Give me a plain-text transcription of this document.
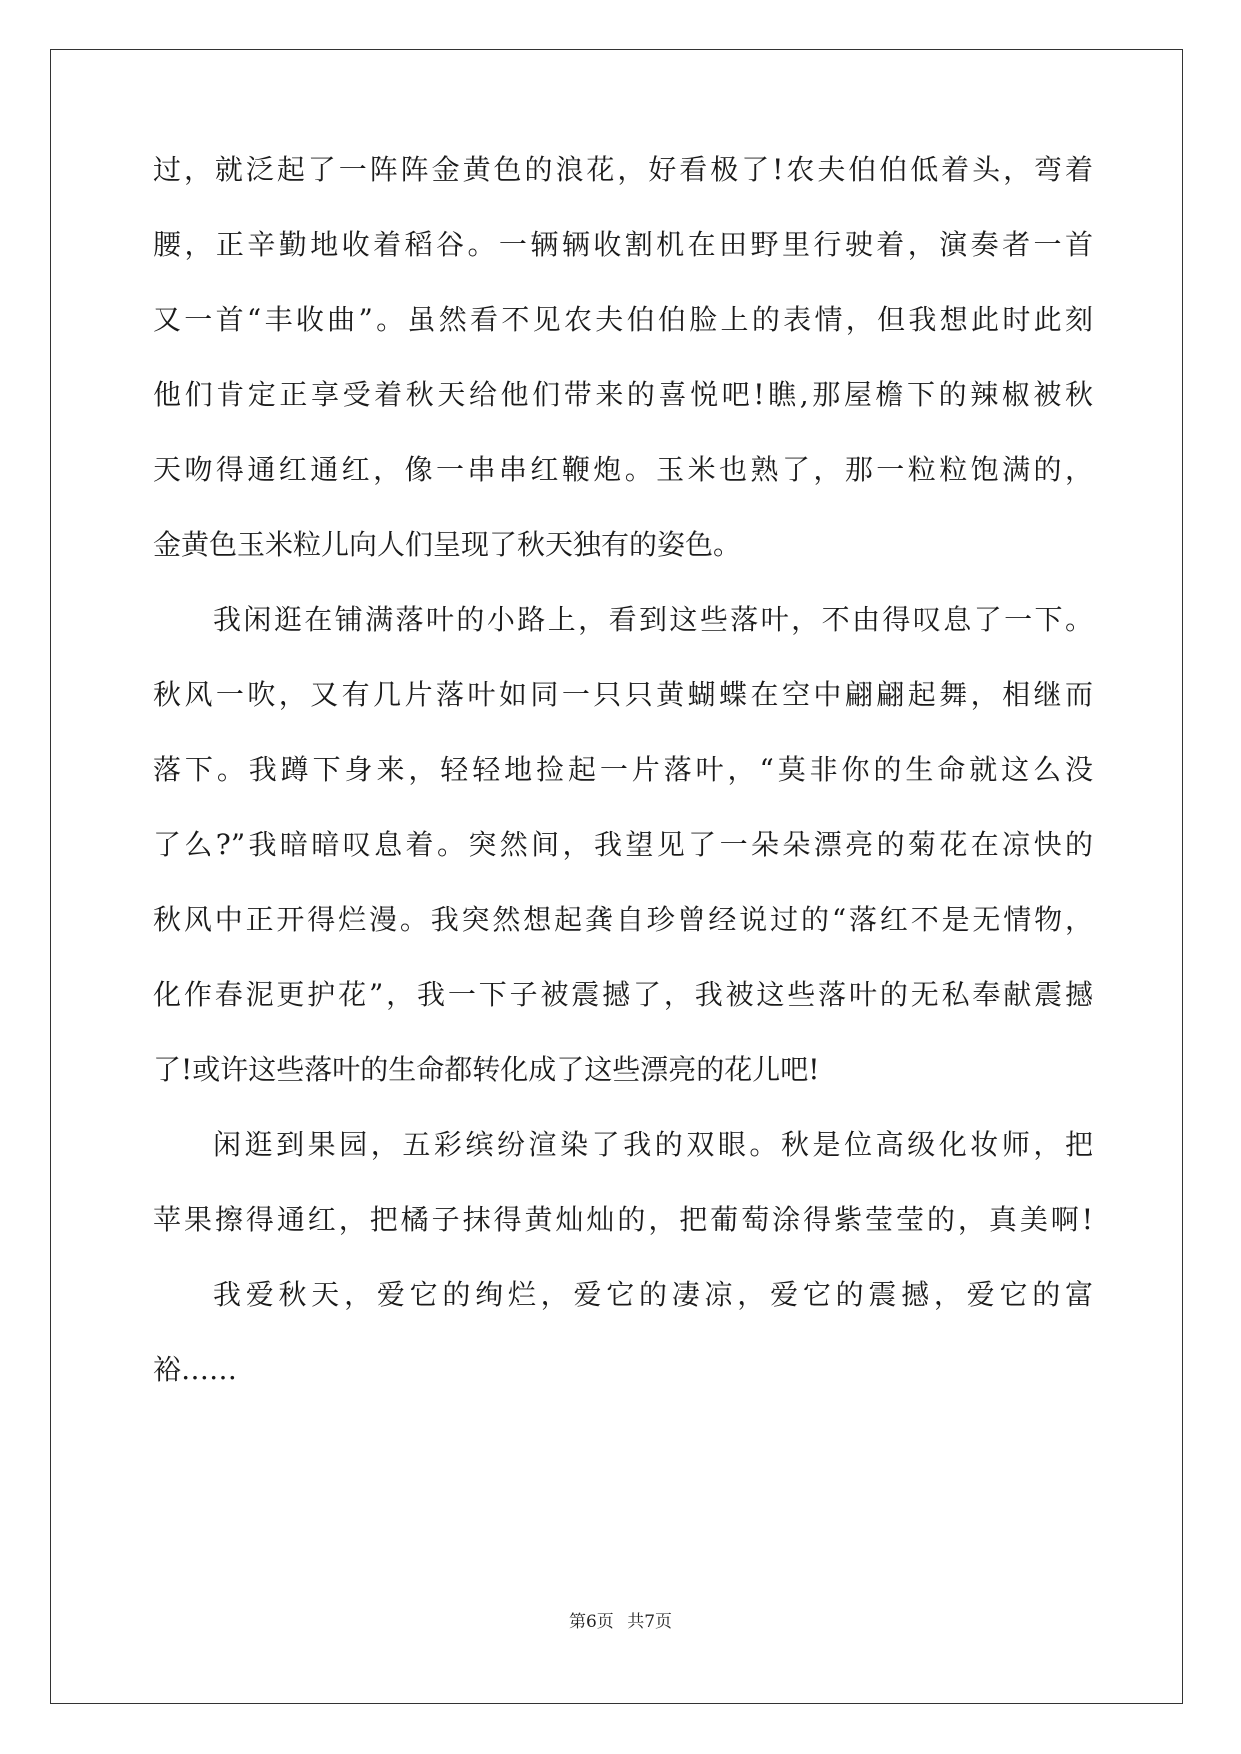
过，就泛起了一阵阵金黄色的浪花，好看极了!农夫伯伯低着头，弯着
腰，正辛勤地收着稻谷。一辆辆收割机在田野里行驶着，演奏者一首
又一首“丰收曲”。虽然看不见农夫伯伯脸上的表情，但我想此时此刻
他们肯定正享受着秋天给他们带来的喜悦吧!瞧,那屋檐下的辣椒被秋
天吻得通红通红，像一串串红鞭炮。玉米也熟了，那一粒粒饱满的，
金黄色玉米粒儿向人们呈现了秋天独有的姿色。
我闲逛在铺满落叶的小路上，看到这些落叶，不由得叹息了一下。
秋风一吹，又有几片落叶如同一只只黄蝴蝶在空中翩翩起舞，相继而
落下。我蹲下身来，轻轻地捡起一片落叶，“莫非你的生命就这么没
了么?”我暗暗叹息着。突然间，我望见了一朵朵漂亮的菊花在凉快的
秋风中正开得烂漫。我突然想起龚自珍曾经说过的“落红不是无情物，
化作春泥更护花”，我一下子被震撼了，我被这些落叶的无私奉献震撼
了!或许这些落叶的生命都转化成了这些漂亮的花儿吧!
闲逛到果园，五彩缤纷渲染了我的双眼。秋是位高级化妆师，把
苹果擦得通红，把橘子抹得黄灿灿的，把葡萄涂得紫莹莹的，真美啊!
我爱秋天，爱它的绚烂，爱它的凄凉，爱它的震撼，爱它的富
裕……
第6页 共7页
